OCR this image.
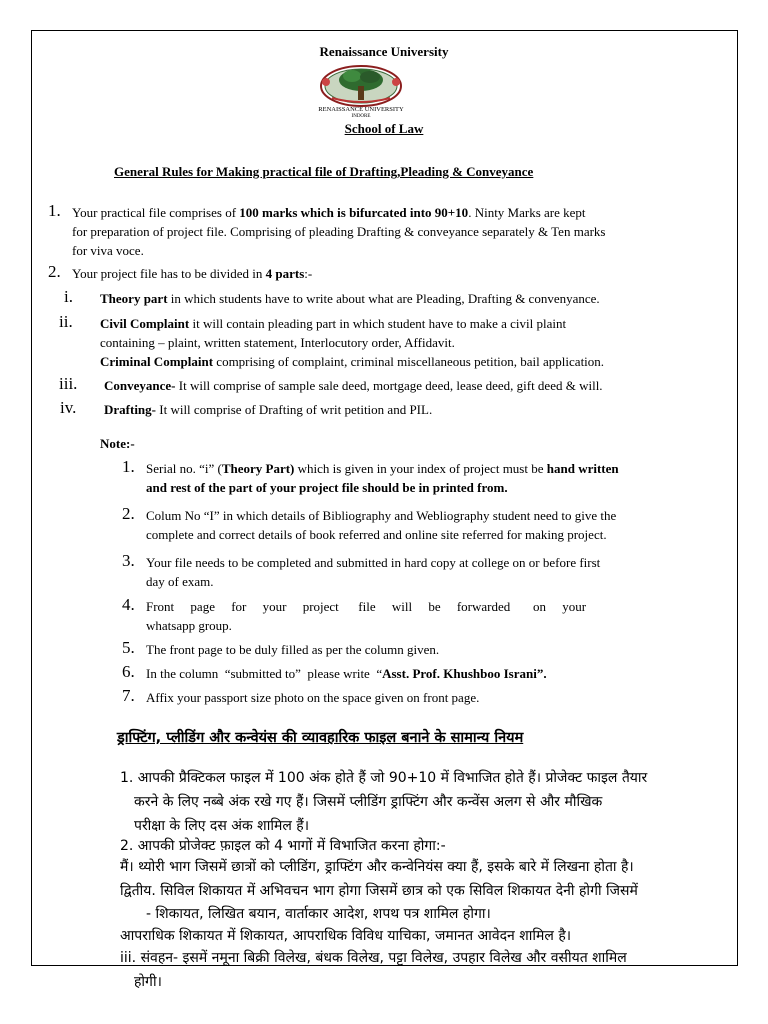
Renaissance University
RENAISSANCE UNIVERSITY
INDORE
School of Law
General Rules for Making practical file of Drafting,Pleading & Conveyance
1. Your practical file comprises of 100 marks which is bifurcated into 90+10. Ninty Marks are kept
for preparation of project file. Comprising of pleading Drafting & conveyance separately & Ten marks
for viva voce.
2. Your project file has to be divided in 4 parts:-
i. Theory part in which students have to write about what are Pleading, Drafting & convenyance.
ii. Civil Complaint it will contain pleading part in which student have to make a civil plaint
containing – plaint, written statement, Interlocutory order, Affidavit.
Criminal Complaint comprising of complaint, criminal miscellaneous petition, bail application.
iii. Conveyance- It will comprise of sample sale deed, mortgage deed, lease deed, gift deed & will.
iv. Drafting- It will comprise of Drafting of writ petition and PIL.
Note:-
1. Serial no. “i” (Theory Part) which is given in your index of project must be hand written
and rest of the part of your project file should be in printed from.
2. Colum No “I” in which details of Bibliography and Webliography student need to give the
complete and correct details of book referred and online site referred for making project.
3. Your file needs to be completed and submitted in hard copy at college on or before first
day of exam.
4. Front     page     for     your     project      file     will     be     forwarded       on     your
whatsapp group.
5. The front page to be duly filled as per the column given.
6. In the column  “submitted to”  please write  “Asst. Prof. Khushboo Israni”.
7. Affix your passport size photo on the space given on front page.
ड्राफ्टिंग, प्लीडिंग और कन्वेयंस की व्यावहारिक फाइल बनाने के सामान्य नियम
1. आपकी प्रैक्टिकल फाइल में 100 अंक होते हैं जो 90+10 में विभाजित होते हैं। प्रोजेक्ट फाइल तैयार
करने के लिए नब्बे अंक रखे गए हैं। जिसमें प्लीडिंग ड्राफ्टिंग और कन्वेंस अलग से और मौखिक
परीक्षा के लिए दस अंक शामिल हैं।
2. आपकी प्रोजेक्ट फ़ाइल को 4 भागों में विभाजित करना होगा:-
मैं। थ्योरी भाग जिसमें छात्रों को प्लीडिंग, ड्राफ्टिंग और कन्वेनियंस क्या हैं, इसके बारे में लिखना होता है।
द्वितीय. सिविल शिकायत में अभिवचन भाग होगा जिसमें छात्र को एक सिविल शिकायत देनी होगी जिसमें
- शिकायत, लिखित बयान, वार्ताकार आदेश, शपथ पत्र शामिल होगा।
आपराधिक शिकायत में शिकायत, आपराधिक विविध याचिका, जमानत आवेदन शामिल है।
iii. संवहन- इसमें नमूना बिक्री विलेख, बंधक विलेख, पट्टा विलेख, उपहार विलेख और वसीयत शामिल
होगी।
